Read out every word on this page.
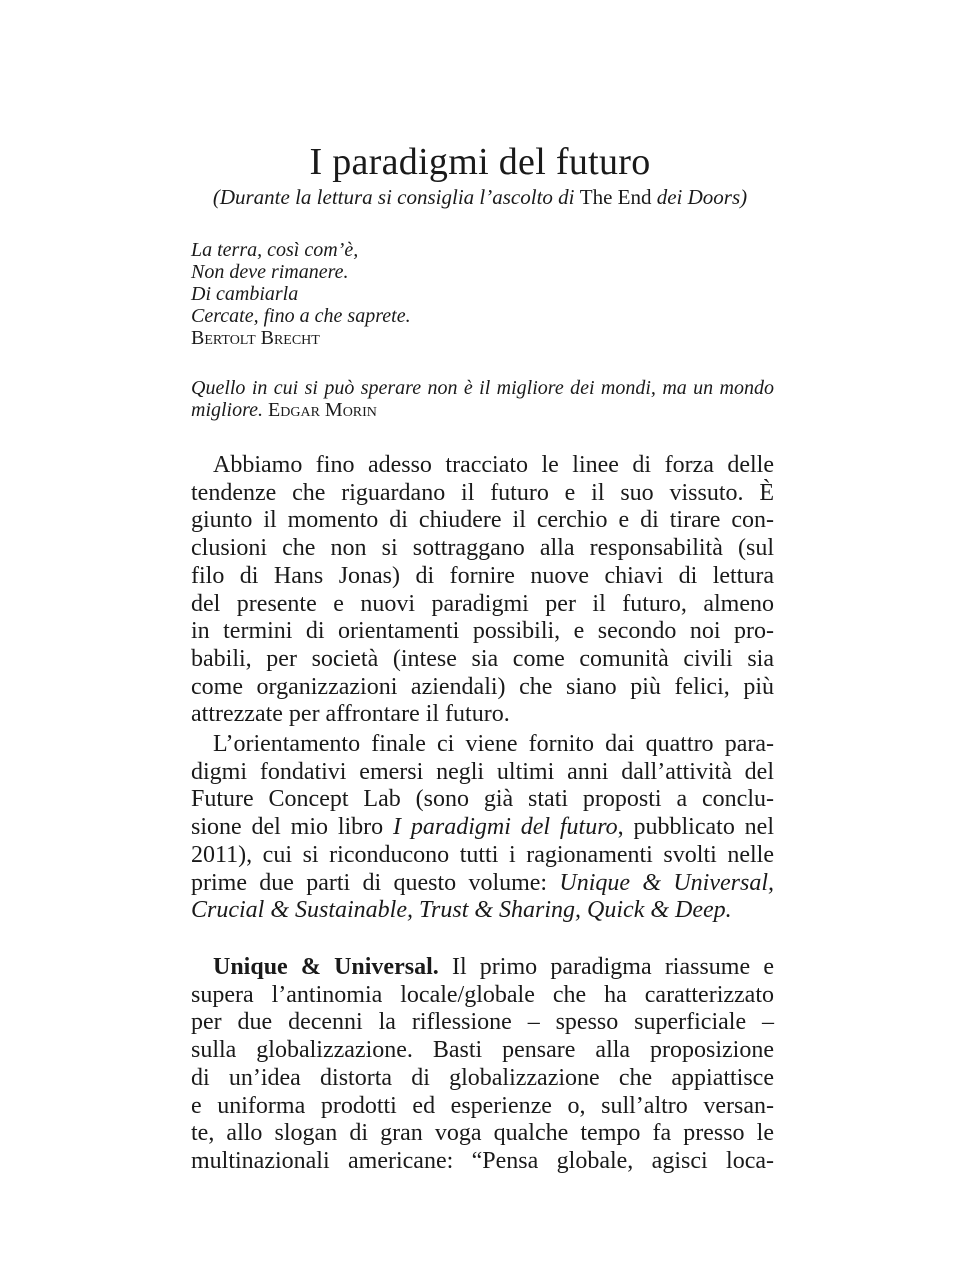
I paradigmi del futuro
(Durante la lettura si consiglia l’ascolto di The End dei Doors)
La terra, così com’è,
Non deve rimanere.
Di cambiarla
Cercate, fino a che saprete.
Bertolt Brecht
Quello in cui si può sperare non è il migliore dei mondi, ma un mondo migliore. Edgar Morin
Abbiamo fino adesso tracciato le linee di forza delle
tendenze che riguardano il futuro e il suo vissuto. È
giunto il momento di chiudere il cerchio e di tirare con-
clusioni che non si sottraggano alla responsabilità (sul
filo di Hans Jonas) di fornire nuove chiavi di lettura
del presente e nuovi paradigmi per il futuro, almeno
in termini di orientamenti possibili, e secondo noi pro-
babili, per società (intese sia come comunità civili sia
come organizzazioni aziendali) che siano più felici, più
attrezzate per affrontare il futuro.
L’orientamento finale ci viene fornito dai quattro para-
digmi fondativi emersi negli ultimi anni dall’attività del
Future Concept Lab (sono già stati proposti a conclu-
sione del mio libro I paradigmi del futuro, pubblicato nel
2011), cui si riconducono tutti i ragionamenti svolti nelle
prime due parti di questo volume: Unique & Universal,
Crucial & Sustainable, Trust & Sharing, Quick & Deep.
Unique & Universal. Il primo paradigma riassume e
supera l’antinomia locale/globale che ha caratterizzato
per due decenni la riflessione – spesso superficiale –
sulla globalizzazione. Basti pensare alla proposizione
di un’idea distorta di globalizzazione che appiattisce
e uniforma prodotti ed esperienze o, sull’altro versan-
te, allo slogan di gran voga qualche tempo fa presso le
multinazionali americane: “Pensa globale, agisci loca-
